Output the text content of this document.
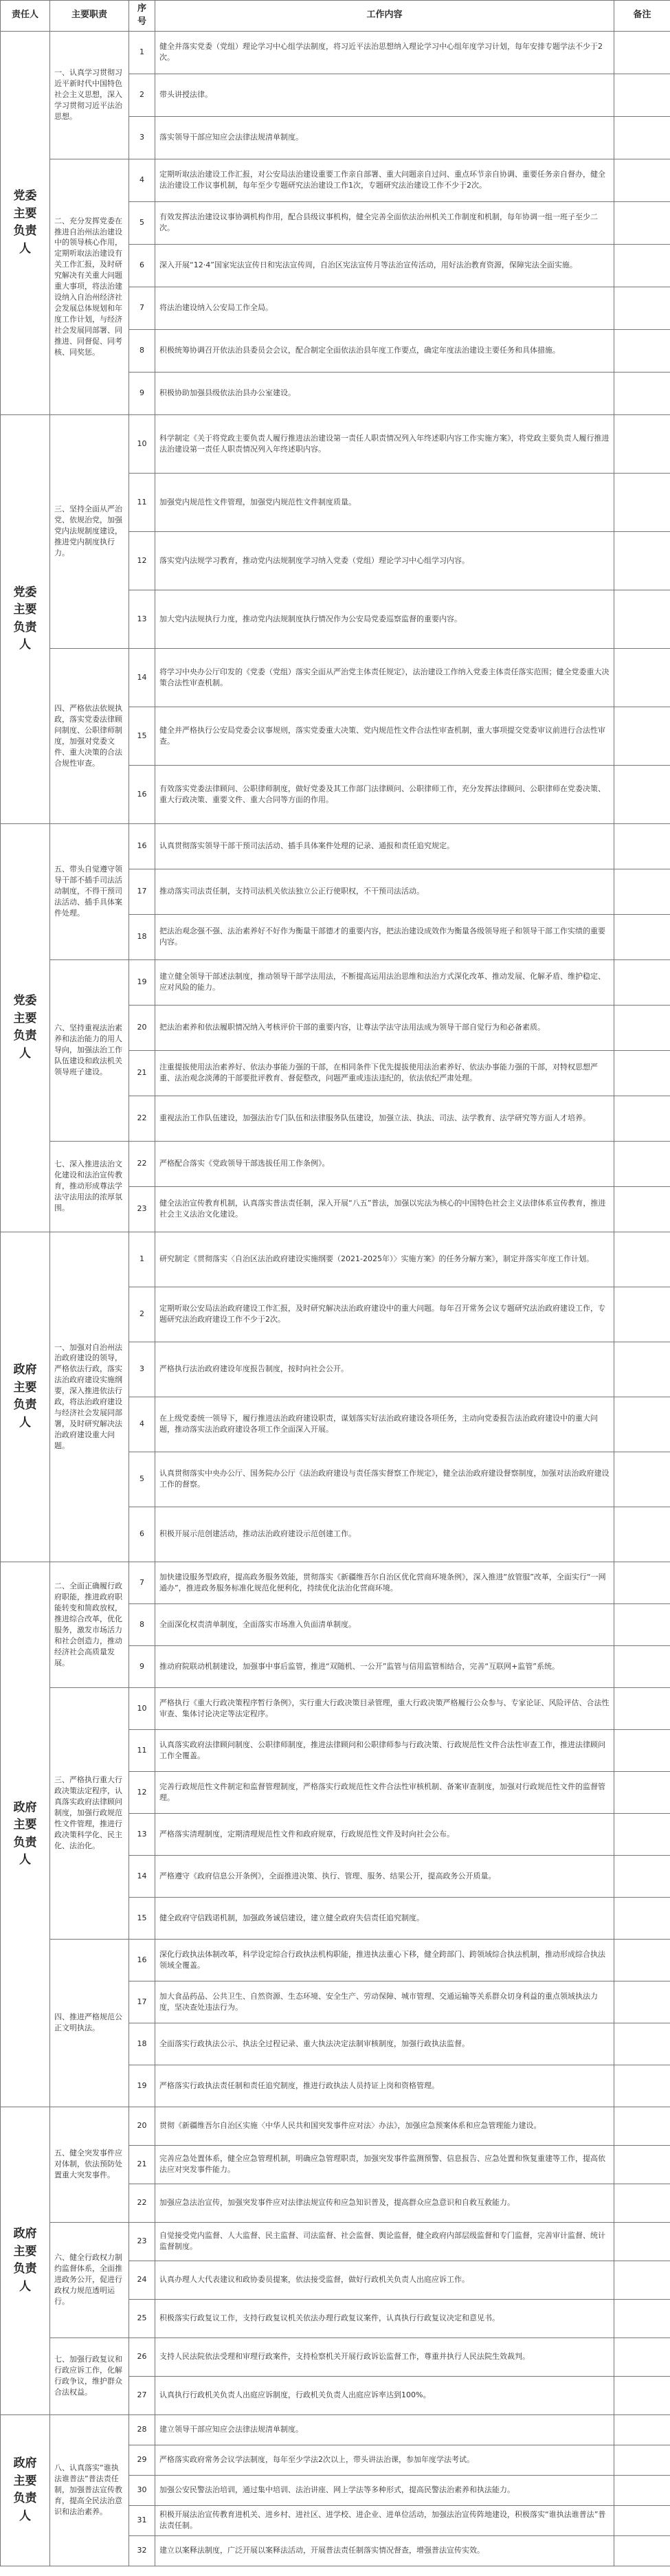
责任人	主要职责	序号	工作内容	备注
党委主要负责人	一、认真学习贯彻习近平新时代中国特色社会主义思想，深入学习贯彻习近平法治思想。	1	健全并落实党委（党组）理论学习中心组学法制度，将习近平法治思想纳入理论学习中心组年度学习计划，每年安排专题学法不少于2次。	
		2	带头讲授法律。	
		3	落实领导干部应知应会法律法规清单制度。	
	二、充分发挥党委在推进自治州法治建设中的领导核心作用，定期听取法治建设有关工作汇报，及时研究解决有关重大问题重大事项，将法治建设纳入自治州经济社会发展总体规划和年度工作计划，与经济社会发展同部署、同推进、同督促、同考核、同奖惩。	4	定期听取法治建设工作汇报，对公安局法治建设重要工作亲自部署、重大问题亲自过问、重点环节亲自协调、重要任务亲自督办，健全法治建设工作议事机制，每年至少专题研究法治建设工作1次，专题研究法治建设工作不少于2次。	
		5	有效发挥法治建设议事协调机构作用，配合县级议事机构，健全完善全面依法治州机关工作制度和机制，每年协调一组一班子至少二次。	
		6	深入开展“12·4”国家宪法宣传日和宪法宣传周，自治区宪法宣传月等法治宣传活动，用好法治教育资源，保障宪法全面实施。	
		7	将法治建设纳入公安局工作全局。	
		8	积极统筹协调召开依法治县委员会会议，配合制定全面依法治县年度工作要点，确定年度法治建设主要任务和具体措施。	
		9	积极协助加强县级依法治县办公室建设。	
党委主要负责人	三、坚持全面从严治党、依规治党，加强党内法规制度建设，推进党内制度执行力。	10	科学制定《关于将党政主要负责人履行推进法治建设第一责任人职责情况列入年终述职内容工作实施方案》，将党政主要负责人履行推进法治建设第一责任人职责情况列入年终述职内容。	
		11	加强党内规范性文件管理，加强党内规范性文件制度质量。	
		12	落实党内法规学习教育，推动党内法规制度学习纳入党委（党组）理论学习中心组学习内容。	
		13	加大党内法规执行力度，推动党内法规制度执行情况作为公安局党委巡察监督的重要内容。	
	四、严格依法依规执政，落实党委法律顾问制度、公职律师制度，加强对党委文件、重大决策的合法合规性审查。	14	将学习中央办公厅印发的《党委（党组）落实全面从严治党主体责任规定》，法治建设工作纳入党委主体责任落实范围；健全党委重大决策合法性审查机制。	
		15	健全并严格执行公安局党委会议事规则，落实党委重大决策、党内规范性文件合法性审查机制，重大事项提交党委审议前进行合法性审查。	
		16	有效落实党委法律顾问、公职律师制度，做好党委及其工作部门法律顾问、公职律师工作，充分发挥法律顾问、公职律师在党委决策、重大行政决策、重要文件、重大合同等方面的作用。	
党委主要负责人	五、带头自觉遵守领导干部不插手司法活动制度，不得干预司法活动、插手具体案件处理。	16	认真贯彻落实领导干部干预司法活动、插手具体案件处理的记录、通报和责任追究规定。	
		17	推动落实司法责任制，支持司法机关依法独立公正行使职权，不干预司法活动。	
		18	把法治观念强不强、法治素养好不好作为衡量干部德才的重要内容，把法治建设成效作为衡量各级领导班子和领导干部工作实绩的重要内容。	
	六、坚持重视法治素养和法治能力的用人导向，加强法治工作队伍建设和政法机关领导班子建设。	19	建立健全领导干部述法制度，推动领导干部学法用法，不断提高运用法治思维和法治方式深化改革、推动发展、化解矛盾、维护稳定、应对风险的能力。	
		20	把法治素养和依法履职情况纳入考核评价干部的重要内容，让尊法学法守法用法成为领导干部自觉行为和必备素质。	
		21	注重提拔使用法治素养好、依法办事能力强的干部，在相同条件下优先提拔使用法治素养好、依法办事能力强的干部，对特权思想严重、法治观念淡薄的干部要批评教育、督促整改，问题严重或违法违纪的，依法依纪严肃处理。	
		22	重视法治工作队伍建设，加强法治专门队伍和法律服务队伍建设，加强立法、执法、司法、法学教育、法学研究等方面人才培养。	
	七、深入推进法治文化建设和法治宣传教育，推动形成尊法学法守法用法的浓厚氛围。	22	严格配合落实《党政领导干部选拔任用工作条例》。	
		23	健全法治宣传教育机制，认真落实普法责任制，深入开展“八五”普法，加强以宪法为核心的中国特色社会主义法律体系宣传教育，推进社会主义法治文化建设。	
政府主要负责人	一、加强对自治州法治政府建设的领导，严格依法行政，落实法治政府建设实施纲要，深入推进依法行政，将法治政府建设与经济社会发展同部署，及时研究解决法治政府建设重大问题。	1	研究制定《贯彻落实〈自治区法治政府建设实施纲要（2021-2025年）〉实施方案》的任务分解方案》，制定并落实年度工作计划。	
		2	定期听取公安局法治政府建设工作汇报，及时研究解决法治政府建设中的重大问题。每年召开常务会议专题研究法治政府建设工作，专题研究法治政府建设工作不少于2次。	
		3	严格执行法治政府建设年度报告制度，按时向社会公开。	
		4	在上级党委统一领导下，履行推进法治政府建设职责，谋划落实好法治政府建设各项任务，主动向党委报告法治政府建设中的重大问题，推动落实法治政府建设各项工作全面深入开展。	
		5	认真贯彻落实中央办公厅、国务院办公厅《法治政府建设与责任落实督察工作规定》，健全法治政府建设督察制度，加强对法治政府建设工作的督察。	
		6	积极开展示范创建活动，推动法治政府建设示范创建工作。	
政府主要负责人	二、全面正确履行政府职能，推进政府职能转变和简政放权，推进综合改革，优化服务，激发市场活力和社会创造力，推动经济社会高质量发展。	7	加快建设服务型政府，提高政务服务效能，贯彻落实《新疆维吾尔自治区优化营商环境条例》，深入推进“放管服”改革，全面实行“一网通办”，推进政务服务标准化规范化便利化，持续优化法治化营商环境。	
		8	全面深化权责清单制度，全面落实市场准入负面清单制度。	
		9	推动府院联动机制建设，加强事中事后监管，推进“双随机、一公开”监管与信用监管相结合，完善“互联网+监管”系统。	
	三、严格执行重大行政决策法定程序，认真落实政府法律顾问制度，加强行政规范性文件管理，推进行政决策科学化、民主化、法治化。	10	严格执行《重大行政决策程序暂行条例》，实行重大行政决策目录管理，重大行政决策严格履行公众参与、专家论证、风险评估、合法性审查、集体讨论决定等法定程序。	
		11	认真落实政府法律顾问制度、公职律师制度，推进法律顾问和公职律师参与行政决策、行政规范性文件合法性审查工作，推进法律顾问工作全覆盖。	
		12	完善行政规范性文件制定和监督管理制度，严格落实行政规范性文件合法性审核机制、备案审查制度，加强对行政规范性文件的监督管理。	
		13	严格落实清理制度，定期清理规范性文件和政府规章，行政规范性文件及时向社会公布。	
		14	严格遵守《政府信息公开条例》，全面推进决策、执行、管理、服务、结果公开，提高政务公开质量。	
		15	健全政府守信践诺机制，加强政务诚信建设，建立健全政府失信责任追究制度。	
	四、推进严格规范公正文明执法。	16	深化行政执法体制改革，科学设定综合行政执法机构职能，推进执法重心下移，健全跨部门、跨领域综合执法机制，推动形成综合执法领域全覆盖。	
		17	加大食品药品、公共卫生、自然资源、生态环境、安全生产、劳动保障、城市管理、交通运输等关系群众切身利益的重点领域执法力度，坚决查处违法行为。	
		18	全面落实行政执法公示、执法全过程记录、重大执法决定法制审核制度，加强行政执法监督。	
		19	严格落实行政执法责任制和责任追究制度，推进行政执法人员持证上岗和资格管理。	
政府主要负责人	五、健全突发事件应对体制，依法预防处置重大突发事件。	20	贯彻《新疆维吾尔自治区实施〈中华人民共和国突发事件应对法〉办法》，加强应急预案体系和应急管理能力建设。	
		21	完善应急处置体系，健全应急管理机制，明确应急管理职责，加强突发事件监测预警、信息报告、应急处置和恢复重建等工作，提高依法应对突发事件能力。	
		22	加强应急法治宣传，加强突发事件应对法律法规宣传和应急知识普及，提高群众应急意识和自救互救能力。	
	六、健全行政权力制约监督体系，全面推进政务公开，促进行政权力规范透明运行。	23	自觉接受党内监督、人大监督、民主监督、司法监督、社会监督、舆论监督，健全政府内部层级监督和专门监督，完善审计监督、统计监督制度。	
		24	认真办理人大代表建议和政协委员提案，依法接受监督，做好行政机关负责人出庭应诉工作。	
		25	积极落实行政复议工作，支持行政复议机关依法办理行政复议案件，认真执行行政复议决定和意见书。	
	七、加强行政复议和行政应诉工作，化解行政争议，维护群众合法权益。	26	支持人民法院依法受理和审理行政案件，支持检察机关开展行政诉讼监督工作，尊重并执行人民法院生效裁判。	
		27	认真执行行政机关负责人出庭应诉制度，行政机关负责人出庭应诉率达到100%。	
政府主要负责人	八、认真落实“谁执法谁普法”普法责任制，加强普法宣传教育，提高全民法治意识和法治素养。	28	建立领导干部应知应会法律法规清单制度。	
		29	严格落实政府常务会议学法制度，每年至少学法2次以上，带头讲法治课，参加年度学法考试。	
		30	加强公安民警法治培训，通过集中培训、法治讲座、网上学法等多种形式，提高民警法治素养和执法能力。	
		31	积极开展法治宣传教育进机关、进乡村、进社区、进学校、进企业、进单位活动，加强法治宣传阵地建设，积极落实“谁执法谁普法”普法责任制。	
		32	建立以案释法制度，广泛开展以案释法活动，开展普法责任制落实情况督查，增强普法宣传实效。	
